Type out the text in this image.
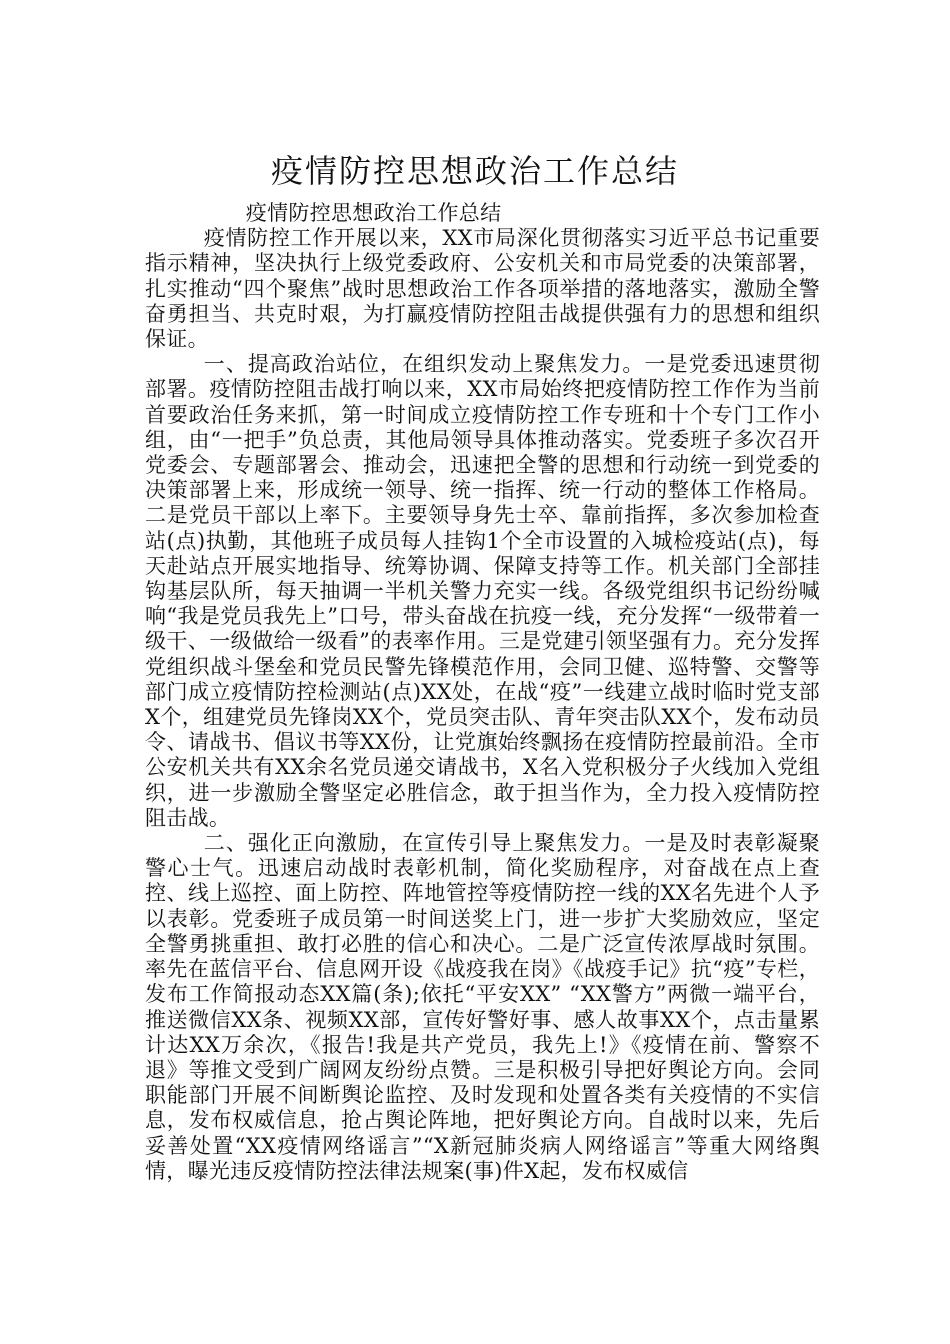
疫情防控思想政治工作总结

疫情防控思想政治工作总结

疫情防控工作开展以来，XX市局深化贯彻落实习近平总书记重要指示精神，坚决执行上级党委政府、公安机关和市局党委的决策部署，扎实推动“四个聚焦”战时思想政治工作各项举措的落地落实，激励全警奋勇担当、共克时艰，为打赢疫情防控阻击战提供强有力的思想和组织保证。

一、提高政治站位，在组织发动上聚焦发力。一是党委迅速贯彻部署。疫情防控阻击战打响以来，XX市局始终把疫情防控工作作为当前首要政治任务来抓，第一时间成立疫情防控工作专班和十个专门工作小组，由“一把手”负总责，其他局领导具体推动落实。党委班子多次召开党委会、专题部署会、推动会，迅速把全警的思想和行动统一到党委的决策部署上来，形成统一领导、统一指挥、统一行动的整体工作格局。二是党员干部以上率下。主要领导身先士卒、靠前指挥，多次参加检查站(点)执勤，其他班子成员每人挂钩1个全市设置的入城检疫站(点)，每天赴站点开展实地指导、统筹协调、保障支持等工作。机关部门全部挂钩基层队所，每天抽调一半机关警力充实一线。各级党组织书记纷纷喊响“我是党员我先上”口号，带头奋战在抗疫一线，充分发挥“一级带着一级干、一级做给一级看”的表率作用。三是党建引领坚强有力。充分发挥党组织战斗堡垒和党员民警先锋模范作用，会同卫健、巡特警、交警等部门成立疫情防控检测站(点)XX处，在战“疫”一线建立战时临时党支部X个，组建党员先锋岗XX个，党员突击队、青年突击队XX个，发布动员令、请战书、倡议书等XX份，让党旗始终飘扬在疫情防控最前沿。全市公安机关共有XX余名党员递交请战书，X名入党积极分子火线加入党组织，进一步激励全警坚定必胜信念，敢于担当作为，全力投入疫情防控阻击战。

二、强化正向激励，在宣传引导上聚焦发力。一是及时表彰凝聚警心士气。迅速启动战时表彰机制，简化奖励程序，对奋战在点上查控、线上巡控、面上防控、阵地管控等疫情防控一线的XX名先进个人予以表彰。党委班子成员第一时间送奖上门，进一步扩大奖励效应，坚定全警勇挑重担、敢打必胜的信心和决心。二是广泛宣传浓厚战时氛围。率先在蓝信平台、信息网开设《战疫我在岗》《战疫手记》抗“疫”专栏，发布工作简报动态XX篇(条);依托“平安XX” “XX警方”两微一端平台，推送微信XX条、视频XX部，宣传好警好事、感人故事XX个，点击量累计达XX万余次，《报告!我是共产党员，我先上!》《疫情在前、警察不退》等推文受到广阔网友纷纷点赞。三是积极引导把好舆论方向。会同职能部门开展不间断舆论监控、及时发现和处置各类有关疫情的不实信息，发布权威信息，抢占舆论阵地，把好舆论方向。自战时以来，先后妥善处置“XX疫情网络谣言”“X新冠肺炎病人网络谣言”等重大网络舆情，曝光违反疫情防控法律法规案(事)件X起，发布权威信
